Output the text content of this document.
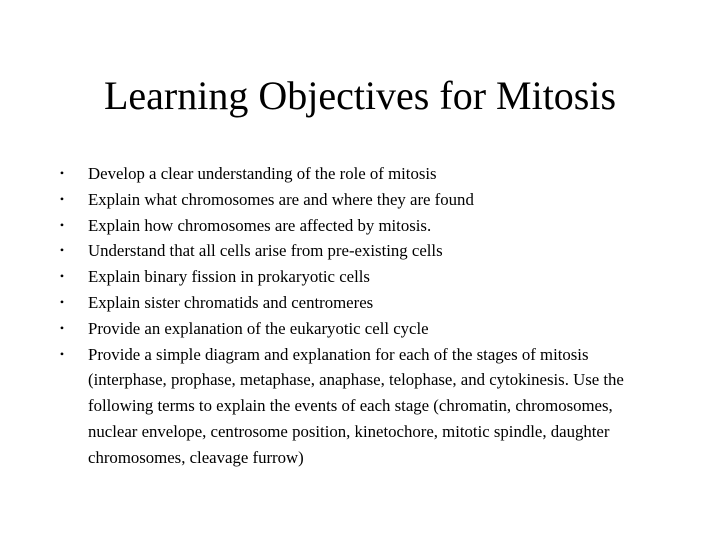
Learning Objectives for Mitosis
• Develop a clear understanding of the role of mitosis
• Explain what chromosomes are and where they are found
• Explain how chromosomes are affected by mitosis.
• Understand that all cells arise from pre-existing cells
• Explain binary fission in prokaryotic cells
• Explain sister chromatids and centromeres
• Provide an explanation of the eukaryotic cell cycle
• Provide a simple diagram and explanation for each of the stages of mitosis (interphase, prophase, metaphase, anaphase, telophase, and cytokinesis. Use the following terms to explain the events of each stage (chromatin, chromosomes, nuclear envelope, centrosome position, kinetochore, mitotic spindle, daughter chromosomes, cleavage furrow)
